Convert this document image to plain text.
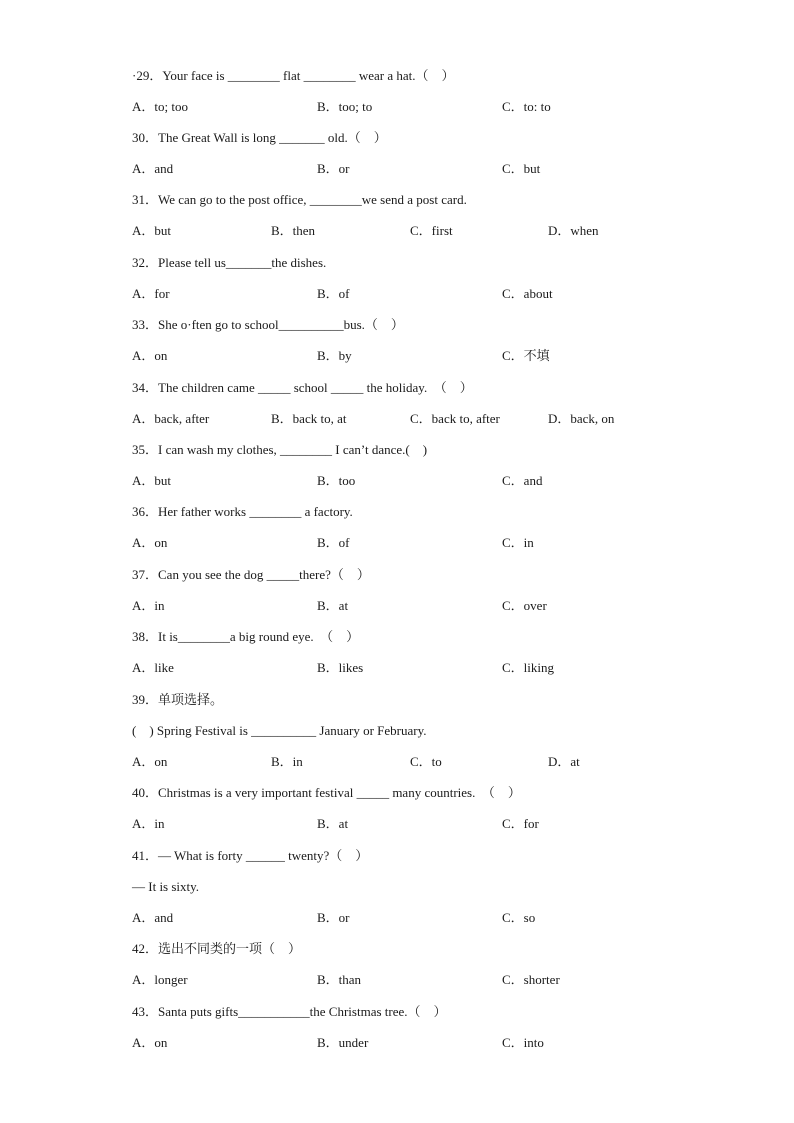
·29．Your face is ________ flat ________ wear a hat.（　）
A．to; too	B．too; to	C．to: to
30．The Great Wall is long _______ old.（　）
A．and	B．or	C．but
31．We can go to the post office, ________we send a post card.
A．but	B．then	C．first	D．when
32．Please tell us_______the dishes.
A．for	B．of	C．about
33．She o·ften go to school__________bus.（　）
A．on	B．by	C．不填
34．The children came _____ school _____ the holiday.　（　）
A．back, after	B．back to, at	C．back to, after	D．back, on
35．I can wash my clothes, ________ I can’t dance.(　)
A．but	B．too	C．and
36．Her father works ________ a factory.
A．on	B．of	C．in
37．Can you see the dog _____there?（　）
A．in	B．at	C．over
38．It is________a big round eye.　（　）
A．like	B．likes	C．liking
39．单项选择。
(　) Spring Festival is __________ January or February.
A．on	B．in	C．to	D．at
40．Christmas is a very important festival _____ many countries.　（　）
A．in	B．at	C．for
41．— What is forty ______ twenty?（　）
— It is sixty.
A．and	B．or	C．so
42．选出不同类的一项（　）
A．longer	B．than	C．shorter
43．Santa puts gifts___________the Christmas tree.（　）
A．on	B．under	C．into
